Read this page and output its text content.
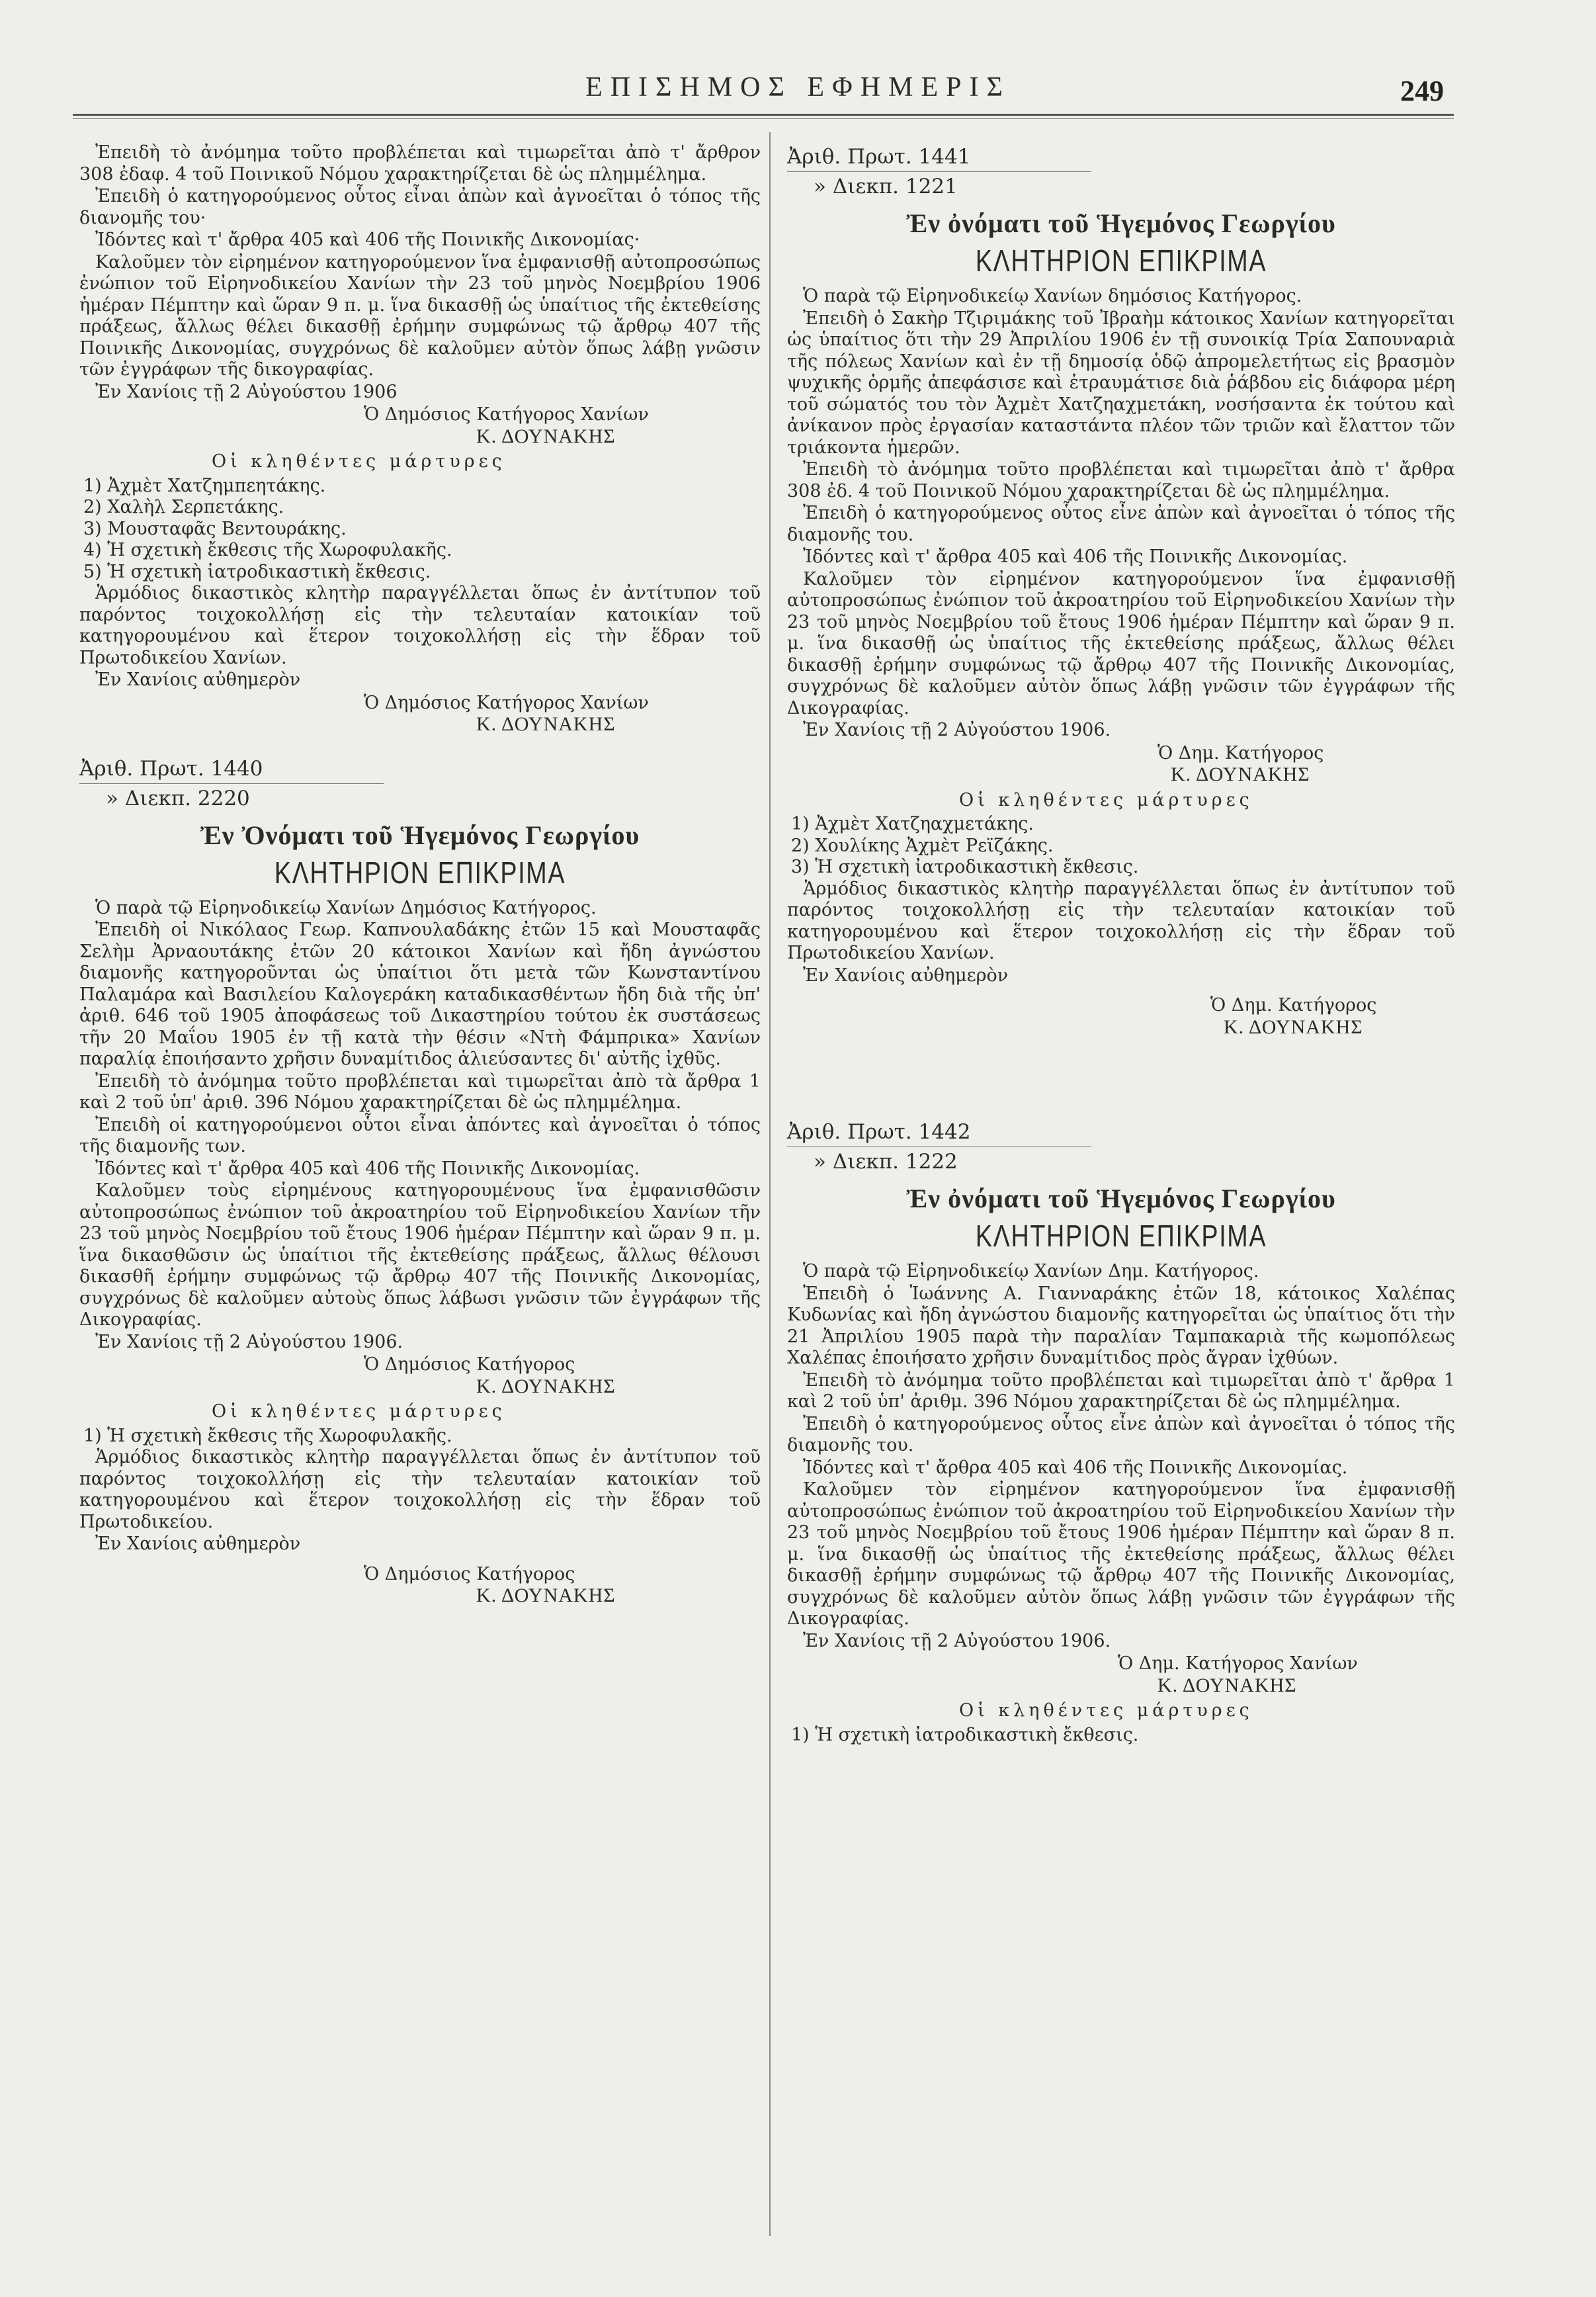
ΕΠΙΣΗΜΟΣ ΕΦΗΜΕΡΙΣ	249

Ἐπειδὴ τὸ ἀνόμημα τοῦτο προβλέπεται καὶ τιμωρεῖται ἀπὸ τ' ἄρθρον 308 ἐδαφ. 4 τοῦ Ποινικοῦ Νόμου χαρακτηρίζεται δὲ ὡς πλημμέλημα.

Ἐπειδὴ ὁ κατηγορούμενος οὗτος εἶναι ἀπὼν καὶ ἀγνοεῖται ὁ τόπος τῆς διανομῆς του·

Ἰδόντες καὶ τ' ἄρθρα 405 καὶ 406 τῆς Ποινικῆς Δικονομίας·

Καλοῦμεν τὸν εἰρημένον κατηγορούμενον ἵνα ἐμφανισθῇ αὐτοπροσώπως ἐνώπιον τοῦ Εἰρηνοδικείου Χανίων τὴν 23 τοῦ μηνὸς Νοεμβρίου 1906 ἡμέραν Πέμπτην καὶ ὥραν 9 π. μ. ἵνα δικασθῇ ὡς ὑπαίτιος τῆς ἐκτεθείσης πράξεως, ἄλλως θέλει δικασθῇ ἐρήμην συμφώνως τῷ ἄρθρῳ 407 τῆς Ποινικῆς Δικονομίας, συγχρόνως δὲ καλοῦμεν αὐτὸν ὅπως λάβῃ γνῶσιν τῶν ἐγγράφων τῆς δικογραφίας.

Ἐν Χανίοις τῇ 2 Αὐγούστου 1906

Ὁ Δημόσιος Κατήγορος Χανίων

Κ. ΔΟΥΝΑΚΗΣ

Οἱ κληθέντες μάρτυρες

1) Ἀχμὲτ Χατζημπεητάκης.

2) Χαλὴλ Σερπετάκης.

3) Μουσταφᾶς Βεντουράκης.

4) Ἡ σχετικὴ ἔκθεσις τῆς Χωροφυλακῆς.

5) Ἡ σχετικὴ ἰατροδικαστικὴ ἔκθεσις.

Ἁρμόδιος δικαστικὸς κλητὴρ παραγγέλλεται ὅπως ἐν ἀντίτυπον τοῦ παρόντος τοιχοκολλήσῃ εἰς τὴν τελευταίαν κατοικίαν τοῦ κατηγορουμένου καὶ ἕτερον τοιχοκολλήσῃ εἰς τὴν ἕδραν τοῦ Πρωτοδικείου Χανίων.

Ἐν Χανίοις αὐθημερὸν

Ὁ Δημόσιος Κατήγορος Χανίων

Κ. ΔΟΥΝΑΚΗΣ

Ἀριθ. Πρωτ. 1440

» Διεκπ. 2220

Ἐν Ὀνόματι τοῦ Ἡγεμόνος Γεωργίου

ΚΛΗΤΗΡΙΟΝ ΕΠΙΚΡΙΜΑ

Ὁ παρὰ τῷ Εἰρηνοδικείῳ Χανίων Δημόσιος Κατήγορος.

Ἐπειδὴ οἱ Νικόλαος Γεωρ. Καπνουλαδάκης ἐτῶν 15 καὶ Μουσταφᾶς Σελὴμ Ἀρναουτάκης ἐτῶν 20 κάτοικοι Χανίων καὶ ἤδη ἀγνώστου διαμονῆς κατηγοροῦνται ὡς ὑπαίτιοι ὅτι μετὰ τῶν Κωνσταντίνου Παλαμάρα καὶ Βασιλείου Καλογεράκη καταδικασθέντων ἤδη διὰ τῆς ὑπ' ἀριθ. 646 τοῦ 1905 ἀποφάσεως τοῦ Δικαστηρίου τούτου ἐκ συστάσεως τῆν 20 Μαΐου 1905 ἐν τῇ κατὰ τὴν θέσιν «Ντὴ Φάμπρικα» Χανίων παραλίᾳ ἐποιήσαντο χρῆσιν δυναμίτιδος ἁλιεύσαντες δι' αὐτῆς ἰχθῦς.

Ἐπειδὴ τὸ ἀνόμημα τοῦτο προβλέπεται καὶ τιμωρεῖται ἀπὸ τὰ ἄρθρα 1 καὶ 2 τοῦ ὑπ' ἀριθ. 396 Νόμου χαρακτηρίζεται δὲ ὡς πλημμέλημα.

Ἐπειδὴ οἱ κατηγορούμενοι οὗτοι εἶναι ἀπόντες καὶ ἀγνοεῖται ὁ τόπος τῆς διαμονῆς των.

Ἰδόντες καὶ τ' ἄρθρα 405 καὶ 406 τῆς Ποινικῆς Δικονομίας.

Καλοῦμεν τοὺς εἰρημένους κατηγορουμένους ἵνα ἐμφανισθῶσιν αὐτοπροσώπως ἐνώπιον τοῦ ἀκροατηρίου τοῦ Εἰρηνοδικείου Χανίων τῆν 23 τοῦ μηνὸς Νοεμβρίου τοῦ ἔτους 1906 ἡμέραν Πέμπτην καὶ ὥραν 9 π. μ. ἵνα δικασθῶσιν ὡς ὑπαίτιοι τῆς ἐκτεθείσης πράξεως, ἄλλως θέλουσι δικασθῆ ἐρήμην συμφώνως τῷ ἄρθρῳ 407 τῆς Ποινικῆς Δικονομίας, συγχρόνως δὲ καλοῦμεν αὐτοὺς ὅπως λάβωσι γνῶσιν τῶν ἐγγράφων τῆς Δικογραφίας.

Ἐν Χανίοις τῇ 2 Αὐγούστου 1906.

Ὁ Δημόσιος Κατήγορος

Κ. ΔΟΥΝΑΚΗΣ

Οἱ κληθέντες μάρτυρες

1) Ἡ σχετικὴ ἔκθεσις τῆς Χωροφυλακῆς.

Ἁρμόδιος δικαστικὸς κλητὴρ παραγγέλλεται ὅπως ἐν ἀντίτυπον τοῦ παρόντος τοιχοκολλήσῃ εἰς τὴν τελευταίαν κατοικίαν τοῦ κατηγορουμένου καὶ ἕτερον τοιχοκολλήσῃ εἰς τὴν ἕδραν τοῦ Πρωτοδικείου.

Ἐν Χανίοις αὐθημερὸν

Ὁ Δημόσιος Κατήγορος

Κ. ΔΟΥΝΑΚΗΣ

Ἀριθ. Πρωτ. 1441

» Διεκπ. 1221

Ἐν ὀνόματι τοῦ Ἡγεμόνος Γεωργίου

ΚΛΗΤΗΡΙΟΝ ΕΠΙΚΡΙΜΑ

Ὁ παρὰ τῷ Εἰρηνοδικείῳ Χανίων δημόσιος Κατήγορος.

Ἐπειδὴ ὁ Σακὴρ Τζιριμάκης τοῦ Ἰβραὴμ κάτοικος Χανίων κατηγορεῖται ὡς ὑπαίτιος ὅτι τὴν 29 Ἀπριλίου 1906 ἐν τῇ συνοικίᾳ Τρία Σαπουναριὰ τῆς πόλεως Χανίων καὶ ἐν τῇ δημοσίᾳ ὁδῷ ἀπρομελετήτως εἰς βρασμὸν ψυχικῆς ὁρμῆς ἀπεφάσισε καὶ ἐτραυμάτισε διὰ ῥάβδου εἰς διάφορα μέρη τοῦ σώματός του τὸν Ἀχμὲτ Χατζηαχμετάκη, νοσήσαντα ἐκ τούτου καὶ ἀνίκανον πρὸς ἐργασίαν καταστάντα πλέον τῶν τριῶν καὶ ἔλαττον τῶν τριάκοντα ἡμερῶν.

Ἐπειδὴ τὸ ἀνόμημα τοῦτο προβλέπεται καὶ τιμωρεῖται ἀπὸ τ' ἄρθρα 308 ἐδ. 4 τοῦ Ποινικοῦ Νόμου χαρακτηρίζεται δὲ ὡς πλημμέλημα.

Ἐπειδὴ ὁ κατηγορούμενος οὗτος εἶνε ἀπὼν καὶ ἀγνοεῖται ὁ τόπος τῆς διαμονῆς του.

Ἰδόντες καὶ τ' ἄρθρα 405 καὶ 406 τῆς Ποινικῆς Δικονομίας.

Καλοῦμεν τὸν εἰρημένον κατηγορούμενον ἵνα ἐμφανισθῇ αὐτοπροσώπως ἐνώπιον τοῦ ἀκροατηρίου τοῦ Εἰρηνοδικείου Χανίων τὴν 23 τοῦ μηνὸς Νοεμβρίου τοῦ ἔτους 1906 ἡμέραν Πέμπτην καὶ ὥραν 9 π. μ. ἵνα δικασθῇ ὡς ὑπαίτιος τῆς ἐκτεθείσης πράξεως, ἄλλως θέλει δικασθῇ ἐρήμην συμφώνως τῷ ἄρθρῳ 407 τῆς Ποινικῆς Δικονομίας, συγχρόνως δὲ καλοῦμεν αὐτὸν ὅπως λάβῃ γνῶσιν τῶν ἐγγράφων τῆς Δικογραφίας.

Ἐν Χανίοις τῇ 2 Αὐγούστου 1906.

Ὁ Δημ. Κατήγορος

Κ. ΔΟΥΝΑΚΗΣ

Οἱ κληθέντες μάρτυρες

1) Ἀχμὲτ Χατζηαχμετάκης.

2) Χουλίκης Ἀχμὲτ Ρεϊζάκης.

3) Ἡ σχετικὴ ἰατροδικαστικὴ ἔκθεσις.

Ἁρμόδιος δικαστικὸς κλητὴρ παραγγέλλεται ὅπως ἐν ἀντίτυπον τοῦ παρόντος τοιχοκολλήσῃ εἰς τὴν τελευταίαν κατοικίαν τοῦ κατηγορουμένου καὶ ἕτερον τοιχοκολλήσῃ εἰς τὴν ἕδραν τοῦ Πρωτοδικείου Χανίων.

Ἐν Χανίοις αὐθημερὸν

Ὁ Δημ. Κατήγορος

Κ. ΔΟΥΝΑΚΗΣ

Ἀριθ. Πρωτ. 1442

» Διεκπ. 1222

Ἐν ὀνόματι τοῦ Ἡγεμόνος Γεωργίου

ΚΛΗΤΗΡΙΟΝ ΕΠΙΚΡΙΜΑ

Ὁ παρὰ τῷ Εἰρηνοδικείῳ Χανίων Δημ. Κατήγορος.

Ἐπειδὴ ὁ Ἰωάννης Α. Γιανναράκης ἐτῶν 18, κάτοικος Χαλέπας Κυδωνίας καὶ ἤδη ἀγνώστου διαμονῆς κατηγορεῖται ὡς ὑπαίτιος ὅτι τὴν 21 Ἀπριλίου 1905 παρὰ τὴν παραλίαν Ταμπακαριὰ τῆς κωμοπόλεως Χαλέπας ἐποιήσατο χρῆσιν δυναμίτιδος πρὸς ἄγραν ἰχθύων.

Ἐπειδὴ τὸ ἀνόμημα τοῦτο προβλέπεται καὶ τιμωρεῖται ἀπὸ τ' ἄρθρα 1 καὶ 2 τοῦ ὑπ' ἀριθμ. 396 Νόμου χαρακτηρίζεται δὲ ὡς πλημμέλημα.

Ἐπειδὴ ὁ κατηγορούμενος οὗτος εἶνε ἀπὼν καὶ ἀγνοεῖται ὁ τόπος τῆς διαμονῆς του.

Ἰδόντες καὶ τ' ἄρθρα 405 καὶ 406 τῆς Ποινικῆς Δικονομίας.

Καλοῦμεν τὸν εἰρημένον κατηγορούμενον ἵνα ἐμφανισθῇ αὐτοπροσώπως ἐνώπιον τοῦ ἀκροατηρίου τοῦ Εἰρηνοδικείου Χανίων τὴν 23 τοῦ μηνὸς Νοεμβρίου τοῦ ἔτους 1906 ἡμέραν Πέμπτην καὶ ὥραν 8 π. μ. ἵνα δικασθῇ ὡς ὑπαίτιος τῆς ἐκτεθείσης πράξεως, ἄλλως θέλει δικασθῇ ἐρήμην συμφώνως τῷ ἄρθρῳ 407 τῆς Ποινικῆς Δικονομίας, συγχρόνως δὲ καλοῦμεν αὐτὸν ὅπως λάβῃ γνῶσιν τῶν ἐγγράφων τῆς Δικογραφίας.

Ἐν Χανίοις τῇ 2 Αὐγούστου 1906.

Ὁ Δημ. Κατήγορος Χανίων

Κ. ΔΟΥΝΑΚΗΣ

Οἱ κληθέντες μάρτυρες

1) Ἡ σχετικὴ ἰατροδικαστικὴ ἔκθεσις.
